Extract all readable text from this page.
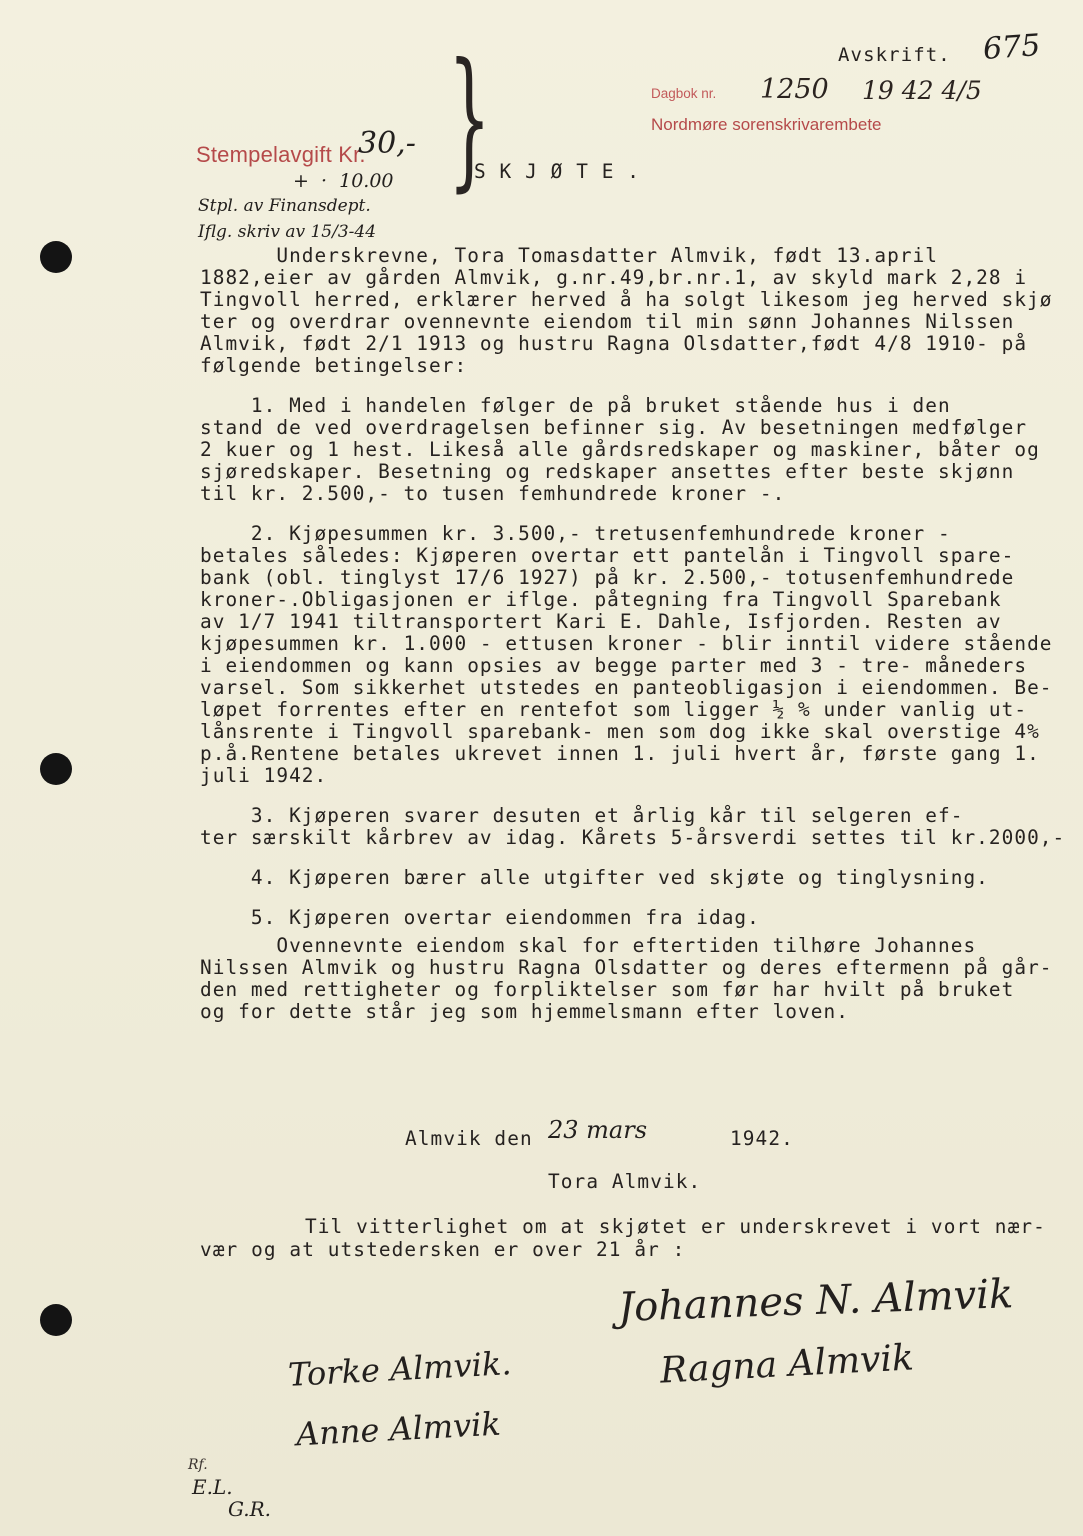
Avskrift. 675
Dagbok nr. 1250 19 42 4/5
Nordmøre sorenskrivarembete
Stempelavgift Kr.
30,-
+  ·  10.00
Stpl. av Finansdept.
Iflg. skriv av 15/3-44
}
S K J Ø T E .
Underskrevne, Tora Tomasdatter Almvik, født 13.april
1882,eier av gården Almvik, g.nr.49,br.nr.1, av skyld mark 2,28 i
Tingvoll herred, erklærer herved å ha solgt likesom jeg herved skjø
ter og overdrar ovennevnte eiendom til min sønn Johannes Nilssen
Almvik, født 2/1 1913 og hustru Ragna Olsdatter,født 4/8 1910- på
følgende betingelser:
1. Med i handelen følger de på bruket stående hus i den
stand de ved overdragelsen befinner sig. Av besetningen medfølger
2 kuer og 1 hest. Likeså alle gårdsredskaper og maskiner, båter og
sjøredskaper. Besetning og redskaper ansettes efter beste skjønn
til kr. 2.500,- to tusen femhundrede kroner -.
2. Kjøpesummen kr. 3.500,- tretusenfemhundrede kroner -
betales således: Kjøperen overtar ett pantelån i Tingvoll spare-
bank (obl. tinglyst 17/6 1927) på kr. 2.500,- totusenfemhundrede
kroner-.Obligasjonen er iflge. påtegning fra Tingvoll Sparebank
av 1/7 1941 tiltransportert Kari E. Dahle, Isfjorden. Resten av
kjøpesummen kr. 1.000 - ettusen kroner - blir inntil videre stående
i eiendommen og kann opsies av begge parter med 3 - tre- måneders
varsel. Som sikkerhet utstedes en panteobligasjon i eiendommen. Be-
løpet forrentes efter en rentefot som ligger ½ % under vanlig ut-
lånsrente i Tingvoll sparebank- men som dog ikke skal overstige 4%
p.å.Rentene betales ukrevet innen 1. juli hvert år, første gang 1.
juli 1942.
3. Kjøperen svarer desuten et årlig kår til selgeren ef-
ter særskilt kårbrev av idag. Kårets 5-årsverdi settes til kr.2000,-
4. Kjøperen bærer alle utgifter ved skjøte og tinglysning.
5. Kjøperen overtar eiendommen fra idag.
Ovennevnte eiendom skal for eftertiden tilhøre Johannes
Nilssen Almvik og hustru Ragna Olsdatter og deres eftermenn på går-
den med rettigheter og forpliktelser som før har hvilt på bruket
og for dette står jeg som hjemmelsmann efter loven.
Almvik den 23 mars	1942.
Tora Almvik.
Til vitterlighet om at skjøtet er underskrevet i vort nær-
vær og at utstedersken er over 21 år :
Johannes N. Almvik
Ragna Almvik
Torke Almvik.
Anne Almvik
Rf.
E.L.
G.R.
